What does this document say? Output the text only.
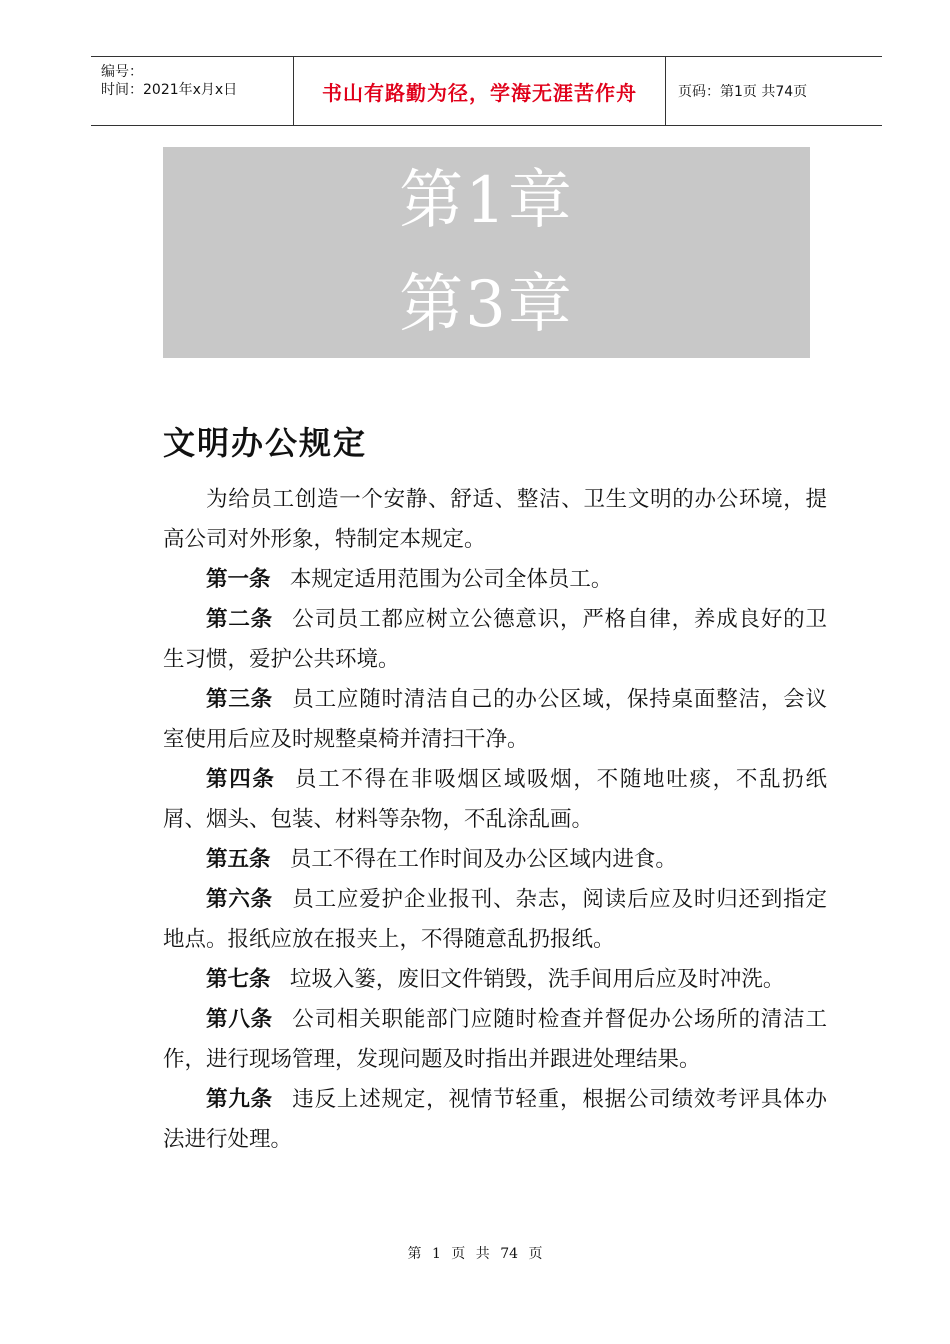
编号：
时间：2021年x月x日	书山有路勤为径，学海无涯苦作舟	页码：第1页 共74页
第1章
第3章
文明办公规定

为给员工创造一个安静、舒适、整洁、卫生文明的办公环境，提高公司对外形象，特制定本规定。

第一条 本规定适用范围为公司全体员工。

第二条 公司员工都应树立公德意识，严格自律，养成良好的卫生习惯，爱护公共环境。

第三条 员工应随时清洁自己的办公区域，保持桌面整洁，会议室使用后应及时规整桌椅并清扫干净。

第四条 员工不得在非吸烟区域吸烟，不随地吐痰，不乱扔纸屑、烟头、包装、材料等杂物，不乱涂乱画。

第五条 员工不得在工作时间及办公区域内进食。

第六条 员工应爱护企业报刊、杂志，阅读后应及时归还到指定地点。报纸应放在报夹上，不得随意乱扔报纸。

第七条 垃圾入篓，废旧文件销毁，洗手间用后应及时冲洗。

第八条 公司相关职能部门应随时检查并督促办公场所的清洁工作，进行现场管理，发现问题及时指出并跟进处理结果。

第九条 违反上述规定，视情节轻重，根据公司绩效考评具体办法进行处理。

第 1 页 共 74 页
